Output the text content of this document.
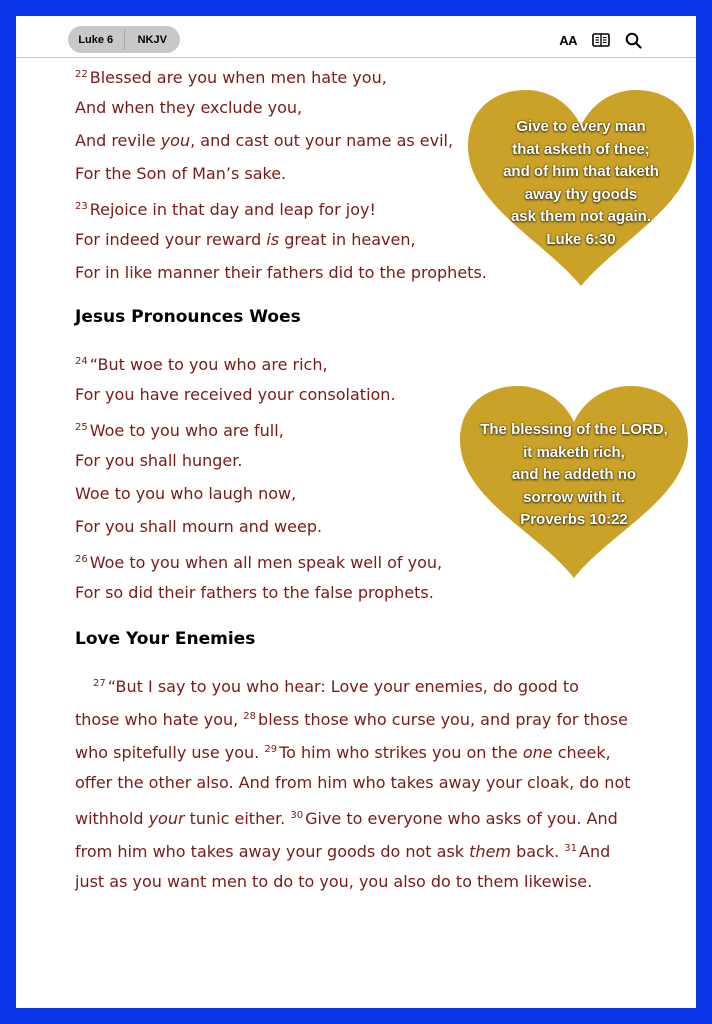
Luke 6	NKJV	AA
$^{22}$ Blessed are you when men hate you,
And when they exclude you,
And revile you, and cast out your name as evil,
For the Son of Man’s sake.
$^{23}$ Rejoice in that day and leap for joy!
For indeed your reward is great in heaven,
For in like manner their fathers did to the prophets.
Jesus Pronounces Woes
$^{24}$ “But woe to you who are rich,
For you have received your consolation.
$^{25}$ Woe to you who are full,
For you shall hunger.
Woe to you who laugh now,
For you shall mourn and weep.
$^{26}$ Woe to you when all men speak well of you,
For so did their fathers to the false prophets.
Love Your Enemies
$^{27}$ “But I say to you who hear: Love your enemies, do good to
those who hate you, $^{28}$ bless those who curse you, and pray for those
who spitefully use you. $^{29}$ To him who strikes you on the one cheek,
offer the other also. And from him who takes away your cloak, do not
withhold your tunic either. $^{30}$ Give to everyone who asks of you. And
from him who takes away your goods do not ask them back. $^{31}$ And
just as you want men to do to you, you also do to them likewise.
Give to every man
that asketh of thee;
and of him that taketh
away thy goods
ask them not again.
Luke 6:30
The blessing of the LORD,
it maketh rich,
and he addeth no
sorrow with it.
Proverbs 10:22
